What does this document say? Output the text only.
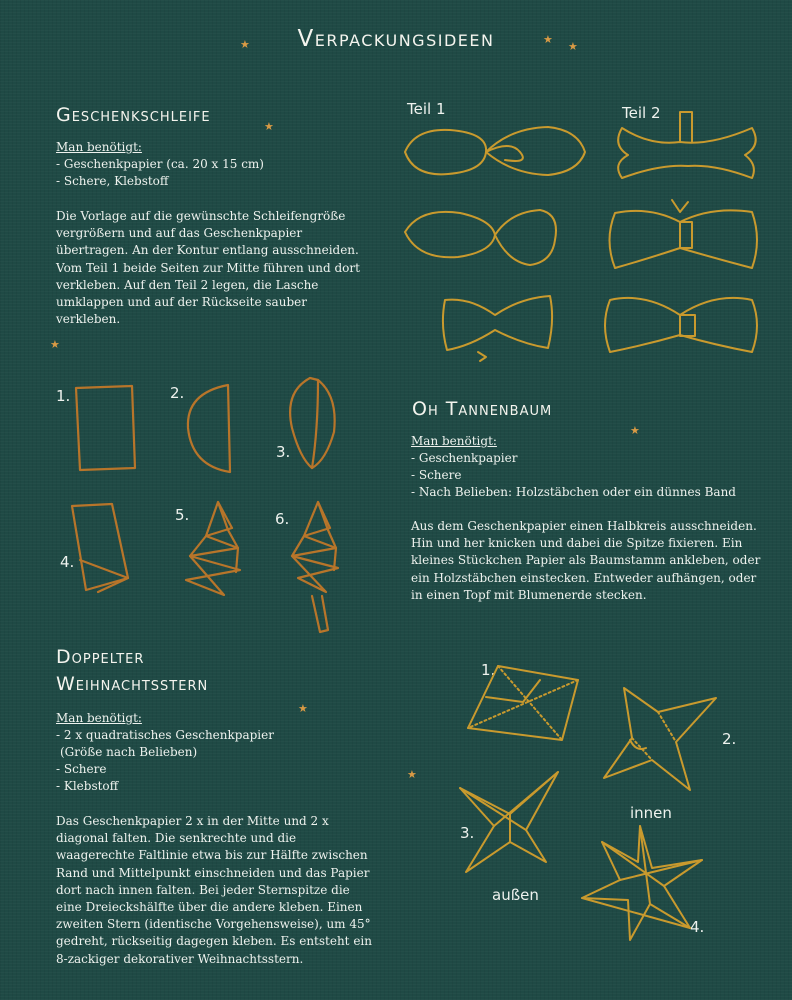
★	Verpackungsideen	★
★
Geschenkschleife
★
Man benötigt:
- Geschenkpapier (ca. 20 x 15 cm)
- Schere, Klebstoff
Die Vorlage auf die gewünschte Schleifengröße vergrößern und auf das Geschenkpapier übertragen. An der Kontur entlang ausschneiden. Vom Teil 1 beide Seiten zur Mitte führen und dort verkleben. Auf den Teil 2 legen, die Lasche umklappen und auf der Rückseite sauber verkleben.
★
Teil 1	Teil 2
1.	2.
3.
4.
5.	6.
Oh Tannenbaum
★
Man benötigt:
- Geschenkpapier
- Schere
- Nach Belieben: Holzstäbchen oder ein dünnes Band
Aus dem Geschenkpapier einen Halbkreis ausschneiden. Hin und her knicken und dabei die Spitze fixieren. Ein kleines Stückchen Papier als Baumstamm ankleben, oder ein Holzstäbchen einstecken. Entweder aufhängen, oder in einen Topf mit Blumenerde stecken.
Doppelter
Weihnachtsstern
★
Man benötigt:
- 2 x quadratisches Geschenkpapier
(Größe nach Belieben)
- Schere
- Klebstoff
Das Geschenkpapier 2 x in der Mitte und 2 x diagonal falten. Die senkrechte und die waagerechte Faltlinie etwa bis zur Hälfte zwischen Rand und Mittelpunkt einschneiden und das Papier dort nach innen falten. Bei jeder Sternspitze die eine Dreieckshälfte über die andere kleben. Einen zweiten Stern (identische Vorgehensweise), um 45° gedreht, rückseitig dagegen kleben. Es entsteht ein 8-zackiger dekorativer Weihnachtsstern.
★
1.
2.
3.
4.
innen
außen
